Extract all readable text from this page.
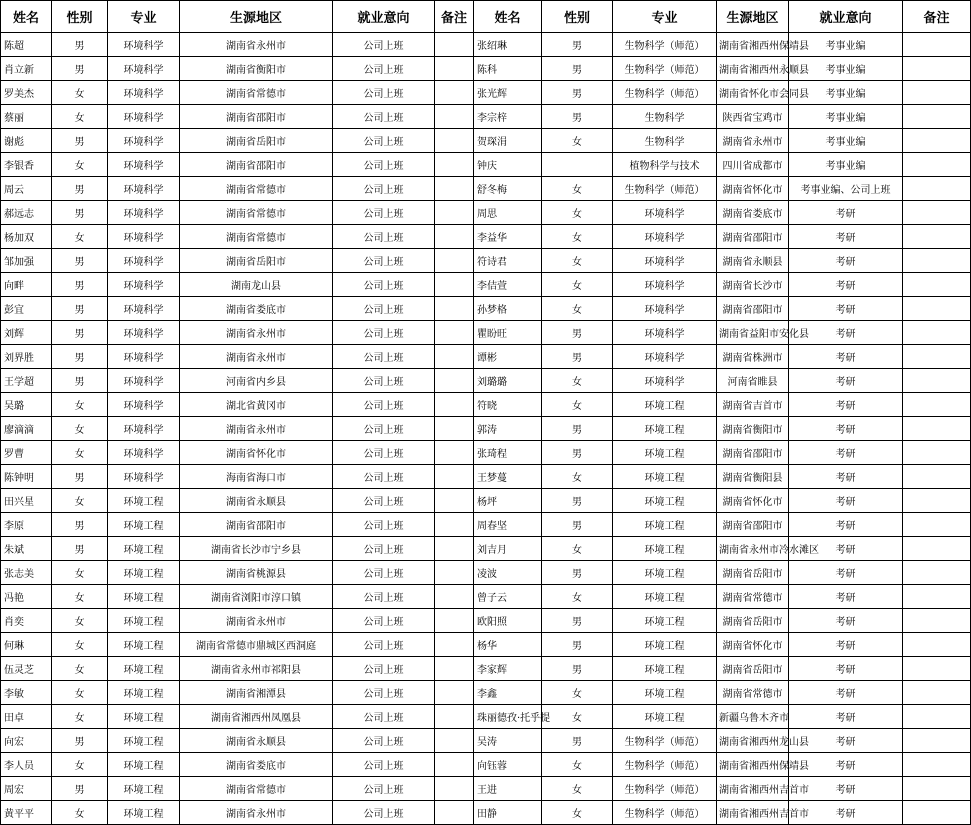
姓名	性别	专业	生源地区	就业意向	备注	姓名	性别	专业	生源地区	就业意向	备注
陈超	男	环境科学	湖南省永州市	公司上班		张绍琳	男	生物科学（师范）	湖南省湘西州保靖县	考事业编	
肖立新	男	环境科学	湖南省衡阳市	公司上班		陈科	男	生物科学（师范）	湖南省湘西州永顺县	考事业编	
罗美杰	女	环境科学	湖南省常德市	公司上班		张光辉	男	生物科学（师范）	湖南省怀化市会同县	考事业编	
蔡丽	女	环境科学	湖南省邵阳市	公司上班		李宗梓	男	生物科学	陕西省宝鸡市	考事业编	
谢彪	男	环境科学	湖南省岳阳市	公司上班		贺琛涓	女	生物科学	湖南省永州市	考事业编	
李银香	女	环境科学	湖南省邵阳市	公司上班		钟庆		植物科学与技术	四川省成都市	考事业编	
周云	男	环境科学	湖南省常德市	公司上班		舒冬梅	女	生物科学（师范）	湖南省怀化市	考事业编、公司上班	
郝远志	男	环境科学	湖南省常德市	公司上班		周思	女	环境科学	湖南省娄底市	考研	
杨加双	女	环境科学	湖南省常德市	公司上班		李益华	女	环境科学	湖南省邵阳市	考研	
邹加强	男	环境科学	湖南省岳阳市	公司上班		符诗君	女	环境科学	湖南省永顺县	考研	
向畔	男	环境科学	湖南龙山县	公司上班		李佶萱	女	环境科学	湖南省长沙市	考研	
彭宜	男	环境科学	湖南省娄底市	公司上班		孙梦格	女	环境科学	湖南省邵阳市	考研	
刘辉	男	环境科学	湖南省永州市	公司上班		瞿盼旺	男	环境科学	湖南省益阳市安化县	考研	
刘界胜	男	环境科学	湖南省永州市	公司上班		谭彬	男	环境科学	湖南省株洲市	考研	
王学超	男	环境科学	河南省内乡县	公司上班		刘璐璐	女	环境科学	河南省睢县	考研	
吴璐	女	环境科学	湖北省黄冈市	公司上班		符晓	女	环境工程	湖南省吉首市	考研	
廖滴滴	女	环境科学	湖南省永州市	公司上班		郭涛	男	环境工程	湖南省衡阳市	考研	
罗曹	女	环境科学	湖南省怀化市	公司上班		张琦程	男	环境工程	湖南省邵阳市	考研	
陈钟明	男	环境科学	海南省海口市	公司上班		王梦蔓	女	环境工程	湖南省衡阳县	考研	
田兴星	女	环境工程	湖南省永顺县	公司上班		杨坪	男	环境工程	湖南省怀化市	考研	
李原	男	环境工程	湖南省邵阳市	公司上班		周春坚	男	环境工程	湖南省邵阳市	考研	
朱斌	男	环境工程	湖南省长沙市宁乡县	公司上班		刘吉月	女	环境工程	湖南省永州市冷水滩区	考研	
张志美	女	环境工程	湖南省桃源县	公司上班		凌波	男	环境工程	湖南省岳阳市	考研	
冯艳	女	环境工程	湖南省浏阳市淳口镇	公司上班		曾子云	女	环境工程	湖南省常德市	考研	
肖奕	女	环境工程	湖南省永州市	公司上班		欧阳照	男	环境工程	湖南省岳阳市	考研	
何琳	女	环境工程	湖南省常德市鼎城区西洞庭	公司上班		杨华	男	环境工程	湖南省怀化市	考研	
伍灵芝	女	环境工程	湖南省永州市祁阳县	公司上班		李家辉	男	环境工程	湖南省岳阳市	考研	
李敏	女	环境工程	湖南省湘潭县	公司上班		李鑫	女	环境工程	湖南省常德市	考研	
田卓	女	环境工程	湖南省湘西州凤凰县	公司上班		珠丽德孜·托乎提	女	环境工程	新疆乌鲁木齐市	考研	
向宏	男	环境工程	湖南省永顺县	公司上班		吴涛	男	生物科学（师范）	湖南省湘西州龙山县	考研	
李人员	女	环境工程	湖南省娄底市	公司上班		向钰蓉	女	生物科学（师范）	湖南省湘西州保靖县	考研	
周宏	男	环境工程	湖南省常德市	公司上班		王进	女	生物科学（师范）	湖南省湘西州吉首市	考研	
黄平平	女	环境工程	湖南省永州市	公司上班		田静	女	生物科学（师范）	湖南省湘西州吉首市	考研	
